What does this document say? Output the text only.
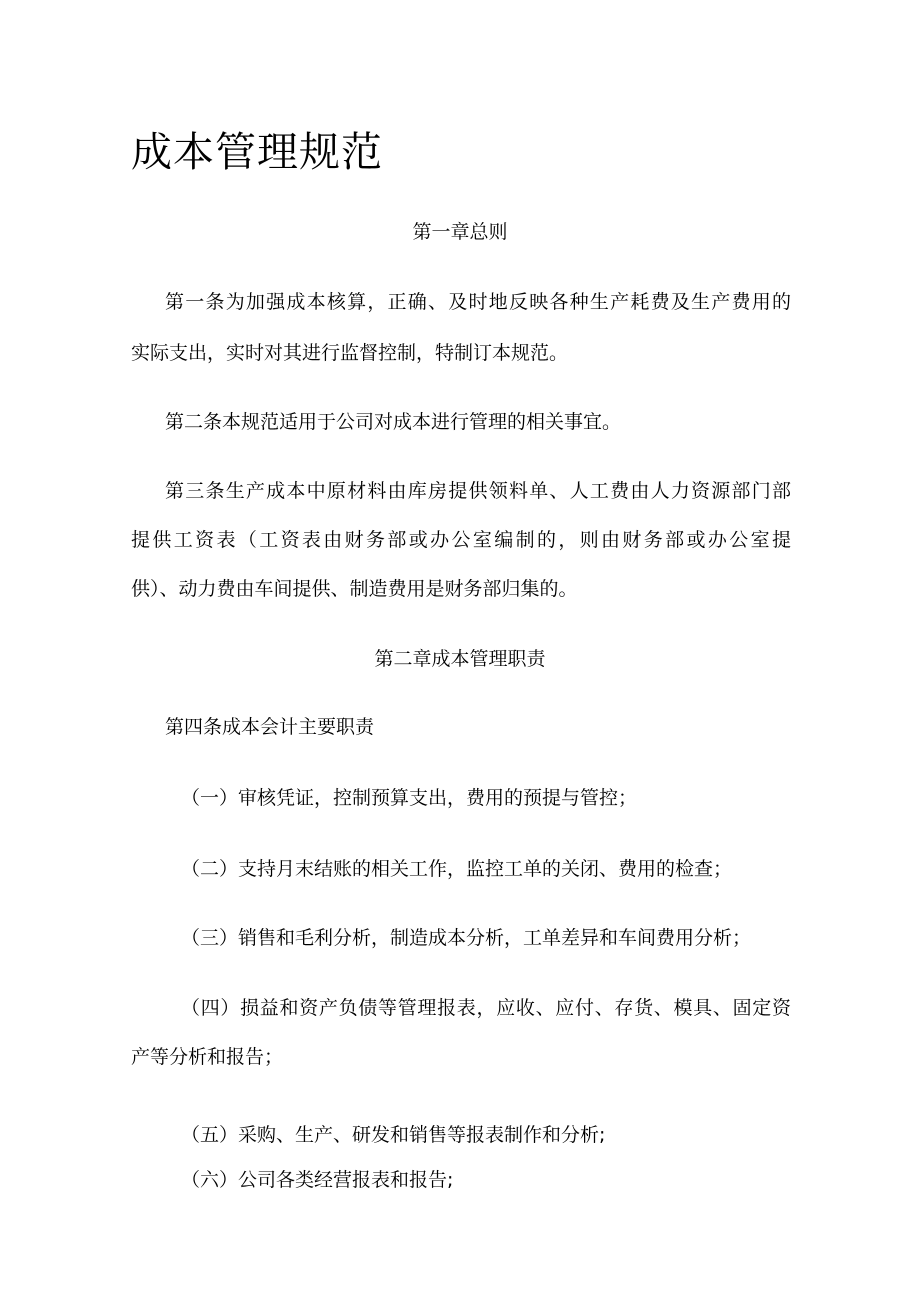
成本管理规范
第一章总则
第一条为加强成本核算，正确、及时地反映各种生产耗费及生产费用的
实际支出，实时对其进行监督控制，特制订本规范。
第二条本规范适用于公司对成本进行管理的相关事宜。
第三条生产成本中原材料由库房提供领料单、人工费由人力资源部门部
提供工资表（工资表由财务部或办公室编制的，则由财务部或办公室提
供）、动力费由车间提供、制造费用是财务部归集的。
第二章成本管理职责
第四条成本会计主要职责
（一）审核凭证，控制预算支出，费用的预提与管控；
（二）支持月末结账的相关工作，监控工单的关闭、费用的检查；
（三）销售和毛利分析，制造成本分析，工单差异和车间费用分析；
（四）损益和资产负债等管理报表，应收、应付、存货、模具、固定资
产等分析和报告；
（五）采购、生产、研发和销售等报表制作和分析;
（六）公司各类经营报表和报告;
